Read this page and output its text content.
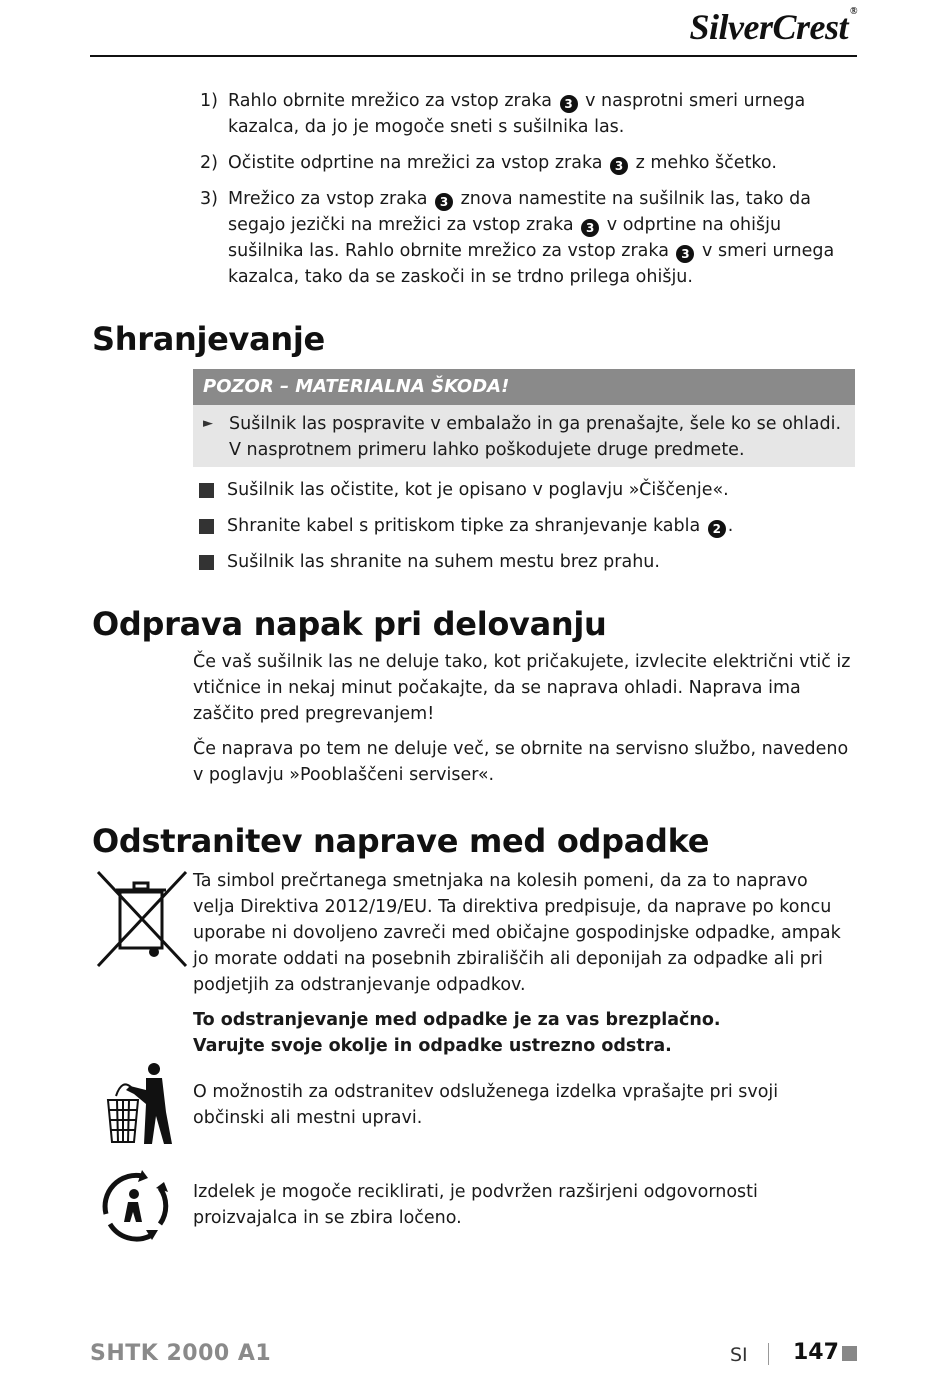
SilverCrest ®
1) Rahlo obrnite mrežico za vstop zraka 3 v nasprotni smeri urnega kazalca, da jo je mogoče sneti s sušilnika las.
2) Očistite odprtine na mrežici za vstop zraka 3 z mehko ščetko.
3) Mrežico za vstop zraka 3 znova namestite na sušilnik las, tako da segajo jezički na mrežici za vstop zraka 3 v odprtine na ohišju sušilnika las. Rahlo obrnite mrežico za vstop zraka 3 v smeri urnega kazalca, tako da se zaskoči in se trdno prilega ohišju.
Shranjevanje
POZOR – MATERIALNA ŠKODA!
► Sušilnik las pospravite v embalažo in ga prenašajte, šele ko se ohladi. V nasprotnem primeru lahko poškodujete druge predmete.
Sušilnik las očistite, kot je opisano v poglavju »Čiščenje«.
Shranite kabel s pritiskom tipke za shranjevanje kabla 2 .
Sušilnik las shranite na suhem mestu brez prahu.
Odprava napak pri delovanju

Če vaš sušilnik las ne deluje tako, kot pričakujete, izvlecite električni vtič iz vtičnice in nekaj minut počakajte, da se naprava ohladi. Naprava ima zaščito pred pregrevanjem!

Če naprava po tem ne deluje več, se obrnite na servisno službo, navedeno v poglavju »Pooblaščeni serviser«.

Odstranitev naprave med odpadke

Ta simbol prečrtanega smetnjaka na kolesih pomeni, da za to napravo velja Direktiva 2012/19/EU. Ta direktiva predpisuje, da naprave po koncu uporabe ni dovoljeno zavreči med običajne gospodinjske odpadke, ampak jo morate oddati na posebnih zbirališčih ali deponijah za odpadke ali pri podjetjih za odstranjevanje odpadkov.

To odstranjevanje med odpadke je za vas brezplačno.

Varujte svoje okolje in odpadke ustrezno odstra.

O možnostih za odstranitev odsluženega izdelka vprašajte pri svoji občinski ali mestni upravi.

Izdelek je mogoče reciklirati, je podvržen razširjeni odgovornosti proizvajalca in se zbira ločeno.

SHTK 2000 A1	SI 147
